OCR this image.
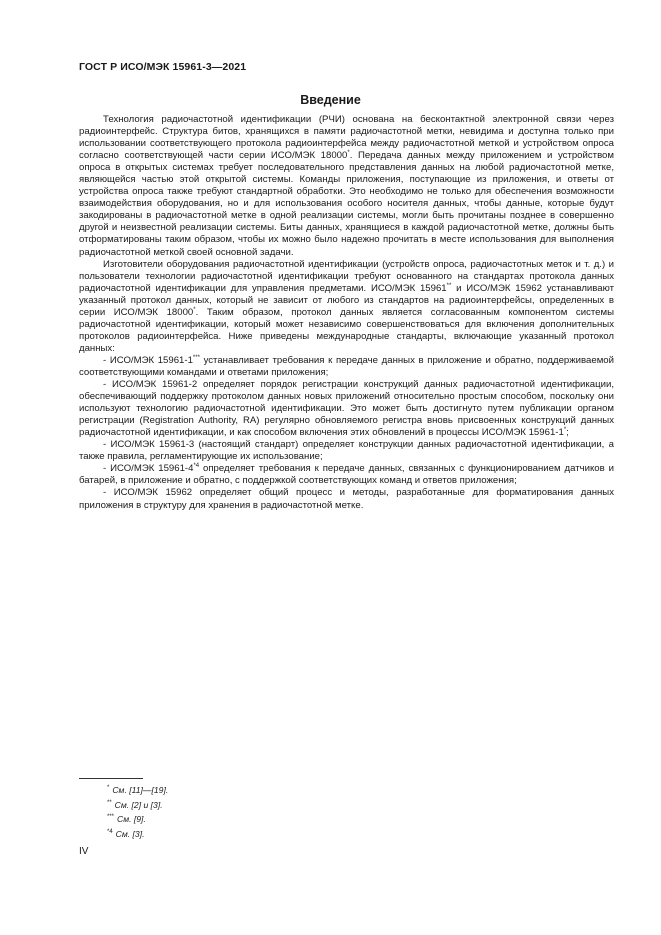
ГОСТ Р ИСО/МЭК 15961-3—2021
Введение

Технология радиочастотной идентификации (РЧИ) основана на бесконтактной электронной связи через радиоинтерфейс. Структура битов, хранящихся в памяти радиочастотной метки, невидима и доступна только при использовании соответствующего протокола радиоинтерфейса между радиочастотной меткой и устройством опроса согласно соответствующей части серии ИСО/МЭК 18000*. Передача данных между приложением и устройством опроса в открытых системах требует последовательного представления данных на любой радиочастотной метке, являющейся частью этой открытой системы. Команды приложения, поступающие из приложения, и ответы от устройства опроса также требуют стандартной обработки. Это необходимо не только для обеспечения возможности взаимодействия оборудования, но и для использования особого носителя данных, чтобы данные, которые будут закодированы в радиочастотной метке в одной реализации системы, могли быть прочитаны позднее в совершенно другой и неизвестной реализации системы. Биты данных, хранящиеся в каждой радиочастотной метке, должны быть отформатированы таким образом, чтобы их можно было надежно прочитать в месте использования для выполнения радиочастотной меткой своей основной задачи.

Изготовители оборудования радиочастотной идентификации (устройств опроса, радиочастотных меток и т. д.) и пользователи технологии радиочастотной идентификации требуют основанного на стандартах протокола данных радиочастотной идентификации для управления предметами. ИСО/МЭК 15961** и ИСО/МЭК 15962 устанавливают указанный протокол данных, который не зависит от любого из стандартов на радиоинтерфейсы, определенных в серии ИСО/МЭК 18000*. Таким образом, протокол данных является согласованным компонентом системы радиочастотной идентификации, который может независимо совершенствоваться для включения дополнительных протоколов радиоинтерфейса. Ниже приведены международные стандарты, включающие указанный протокол данных:

- ИСО/МЭК 15961-1*** устанавливает требования к передаче данных в приложение и обратно, поддерживаемой соответствующими командами и ответами приложения;

- ИСО/МЭК 15961-2 определяет порядок регистрации конструкций данных радиочастотной идентификации, обеспечивающий поддержку протоколом данных новых приложений относительно простым способом, поскольку они используют технологию радиочастотной идентификации. Это может быть достигнуто путем публикации органом регистрации (Registration Authority, RA) регулярно обновляемого регистра вновь присвоенных конструкций данных радиочастотной идентификации, и как способом включения этих обновлений в процессы ИСО/МЭК 15961-1*;

- ИСО/МЭК 15961-3 (настоящий стандарт) определяет конструкции данных радиочастотной идентификации, а также правила, регламентирующие их использование;

- ИСО/МЭК 15961-4$^{*4}$ определяет требования к передаче данных, связанных с функционированием датчиков и батарей, в приложение и обратно, с поддержкой соответствующих команд и ответов приложения;

- ИСО/МЭК 15962 определяет общий процесс и методы, разработанные для форматирования данных приложения в структуру для хранения в радиочастотной метке.

* См. [11]—[19].
** См. [2] и [3].
*** См. [9].
$^{*4}$ См. [3].
IV
